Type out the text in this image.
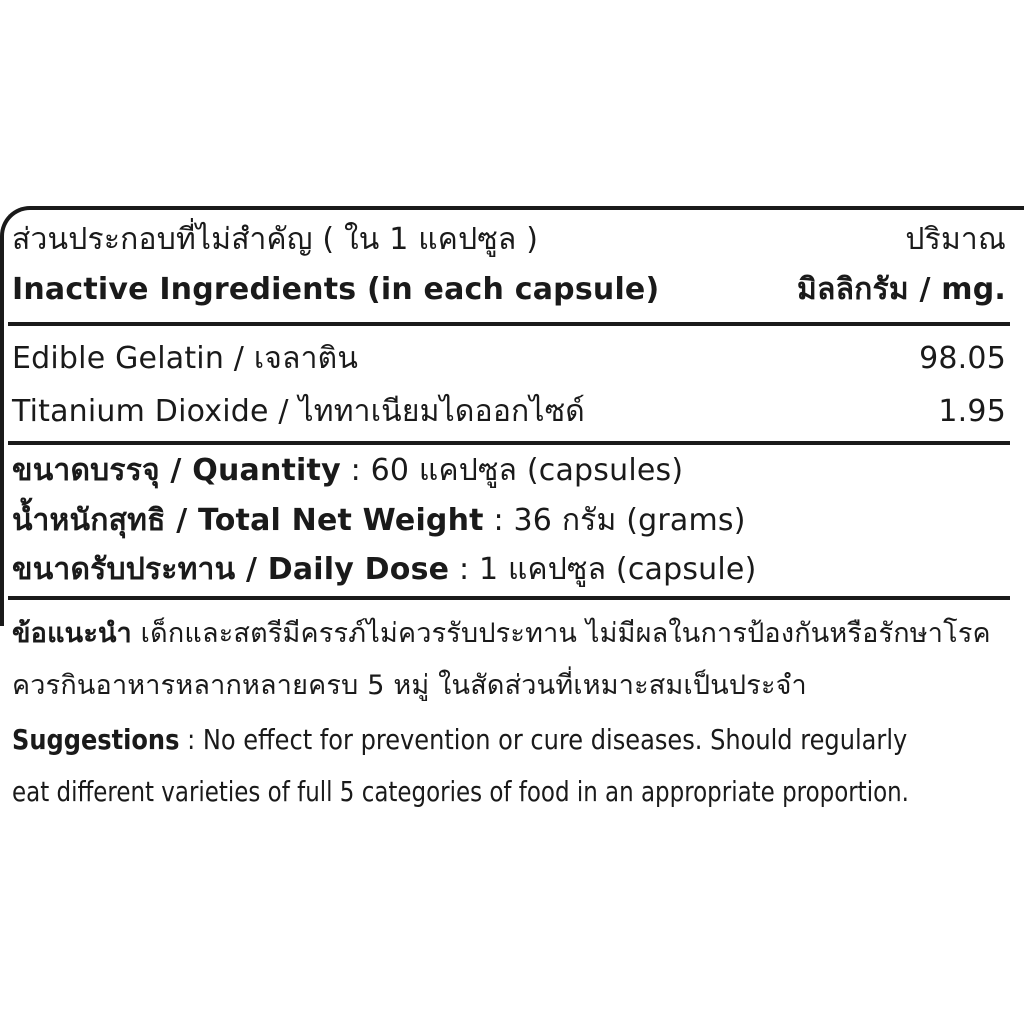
ส่วนประกอบที่ไม่สำคัญ ( ใน 1 แคปซูล )	ปริมาณ
Inactive Ingredients (in each capsule)	มิลลิกรัม / mg.
Edible Gelatin / เจลาติน	98.05
Titanium Dioxide / ไททาเนียมไดออกไซด์	1.95
ขนาดบรรจุ / Quantity : 60 แคปซูล (capsules)
น้ำหนักสุทธิ / Total Net Weight : 36 กรัม (grams)
ขนาดรับประทาน / Daily Dose : 1 แคปซูล (capsule)
ข้อแนะนำ เด็กและสตรีมีครรภ์ไม่ควรรับประทาน ไม่มีผลในการป้องกันหรือรักษาโรค
ควรกินอาหารหลากหลายครบ 5 หมู่ ในสัดส่วนที่เหมาะสมเป็นประจำ
Suggestions : No effect for prevention or cure diseases. Should regularly
eat different varieties of full 5 categories of food in an appropriate proportion.
